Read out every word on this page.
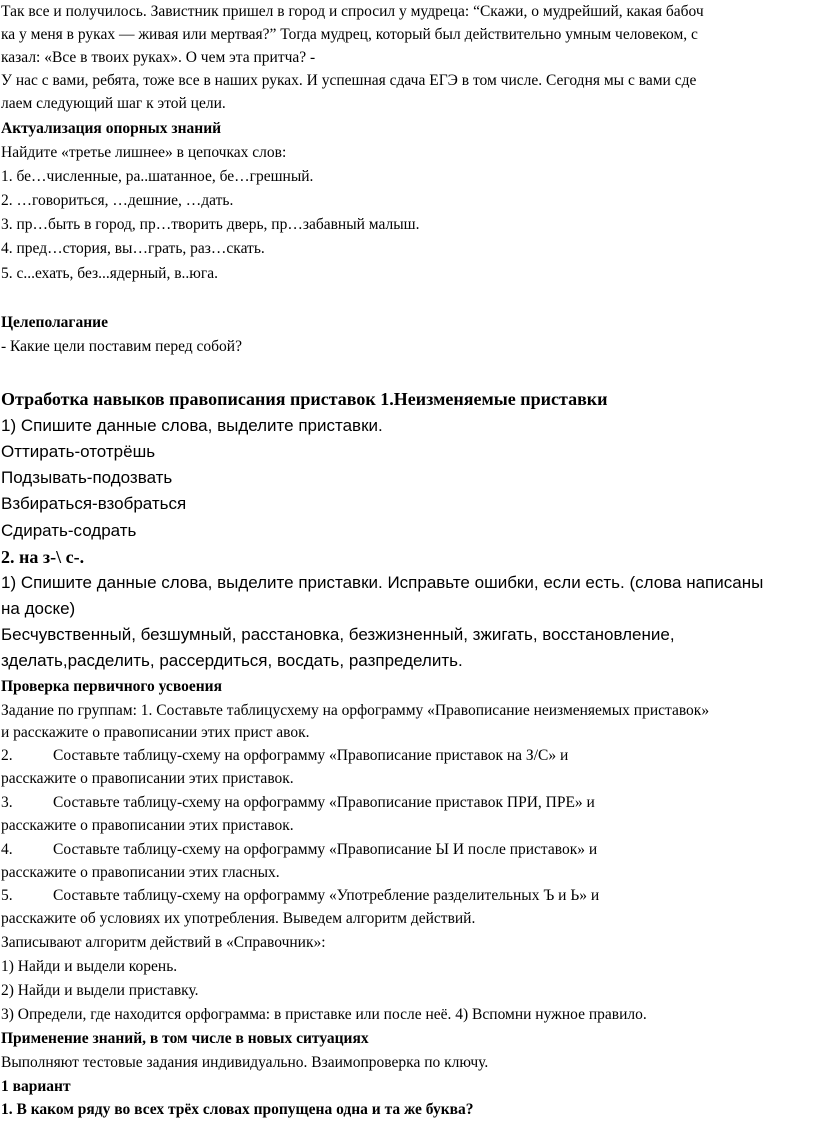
Так все и получилось. Завистник пришел в город и спросил у мудреца: “Скажи, о мудрейший, какая бабоч
ка у меня в руках — живая или мертвая?” Тогда мудрец, который был действительно умным человеком, с
казал: «Все в твоих руках». О чем эта притча? -
У нас с вами, ребята, тоже все в наших руках. И успешная сдача ЕГЭ в том числе. Сегодня мы с вами сде
лаем следующий шаг к этой цели.
Актуализация опорных знаний
Найдите «третье лишнее» в цепочках слов:
1. бе…численные, ра..шатанное, бе…грешный.
2. …говориться, …дешние, …дать.
3. пр…быть в город, пр…творить дверь, пр…забавный малыш.
4. пред…стория, вы…грать, раз…скать.
5. с...ехать, без...ядерный, в..юга.
Целеполагание
- Какие цели поставим перед собой?
Отработка навыков правописания приставок 1.Неизменяемые приставки
1) Спишите данные слова, выделите приставки.
Оттирать-ототрёшь
Подзывать-подозвать
Взбираться-взобраться
Сдирать-содрать
2. на з-\ с-.
1) Спишите данные слова, выделите приставки. Исправьте ошибки, если есть. (слова написаны
на доске)
Бесчувственный, безшумный, расстановка, безжизненный, зжигать, восстановление,
зделать,расделить, рассердиться, восдать, разпределить.
Проверка первичного усвоения
Задание по группам: 1. Составьте таблицусхему на орфограмму «Правописание неизменяемых приставок»
и расскажите о правописании этих прист авок.
2.	Составьте таблицу-схему на орфограмму «Правописание приставок на З/С» и
расскажите о правописании этих приставок.
3.	Составьте таблицу-схему на орфограмму «Правописание приставок ПРИ, ПРЕ» и
расскажите о правописании этих приставок.
4.	Составьте таблицу-схему на орфограмму «Правописание Ы И после приставок» и
расскажите о правописании этих гласных.
5.	Составьте таблицу-схему на орфограмму «Употребление разделительных Ъ и Ь» и
расскажите об условиях их употребления. Выведем алгоритм действий.
Записывают алгоритм действий в «Справочник»:
1) Найди и выдели корень.
2) Найди и выдели приставку.
3) Определи, где находится орфограмма: в приставке или после неё. 4) Вспомни нужное правило.
Применение знаний, в том числе в новых ситуациях
Выполняют тестовые задания индивидуально. Взаимопроверка по ключу.
1 вариант
1. В каком ряду во всех трёх словах пропущена одна и та же буква?
